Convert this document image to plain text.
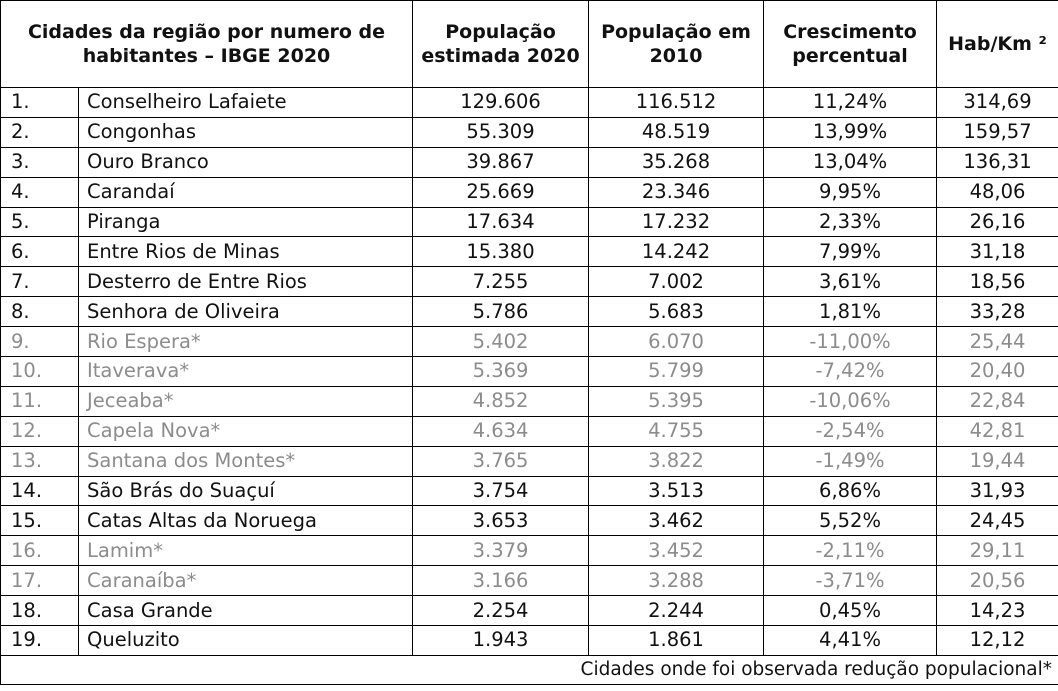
Cidades da região por numero de habitantes – IBGE 2020		População estimada 2020	População em 2010	Crescimento percentual	Hab/Km ²
1.	Conselheiro Lafaiete	129.606	116.512	11,24%	314,69
2.	Congonhas	55.309	48.519	13,99%	159,57
3.	Ouro Branco	39.867	35.268	13,04%	136,31
4.	Carandaí	25.669	23.346	9,95%	48,06
5.	Piranga	17.634	17.232	2,33%	26,16
6.	Entre Rios de Minas	15.380	14.242	7,99%	31,18
7.	Desterro de Entre Rios	7.255	7.002	3,61%	18,56
8.	Senhora de Oliveira	5.786	5.683	1,81%	33,28
9.	Rio Espera*	5.402	6.070	-11,00%	25,44
10.	Itaverava*	5.369	5.799	-7,42%	20,40
11.	Jeceaba*	4.852	5.395	-10,06%	22,84
12.	Capela Nova*	4.634	4.755	-2,54%	42,81
13.	Santana dos Montes*	3.765	3.822	-1,49%	19,44
14.	São Brás do Suaçuí	3.754	3.513	6,86%	31,93
15.	Catas Altas da Noruega	3.653	3.462	5,52%	24,45
16.	Lamim*	3.379	3.452	-2,11%	29,11
17.	Caranaíba*	3.166	3.288	-3,71%	20,56
18.	Casa Grande	2.254	2.244	0,45%	14,23
19.	Queluzito	1.943	1.861	4,41%	12,12
Cidades onde foi observada redução populacional*					
